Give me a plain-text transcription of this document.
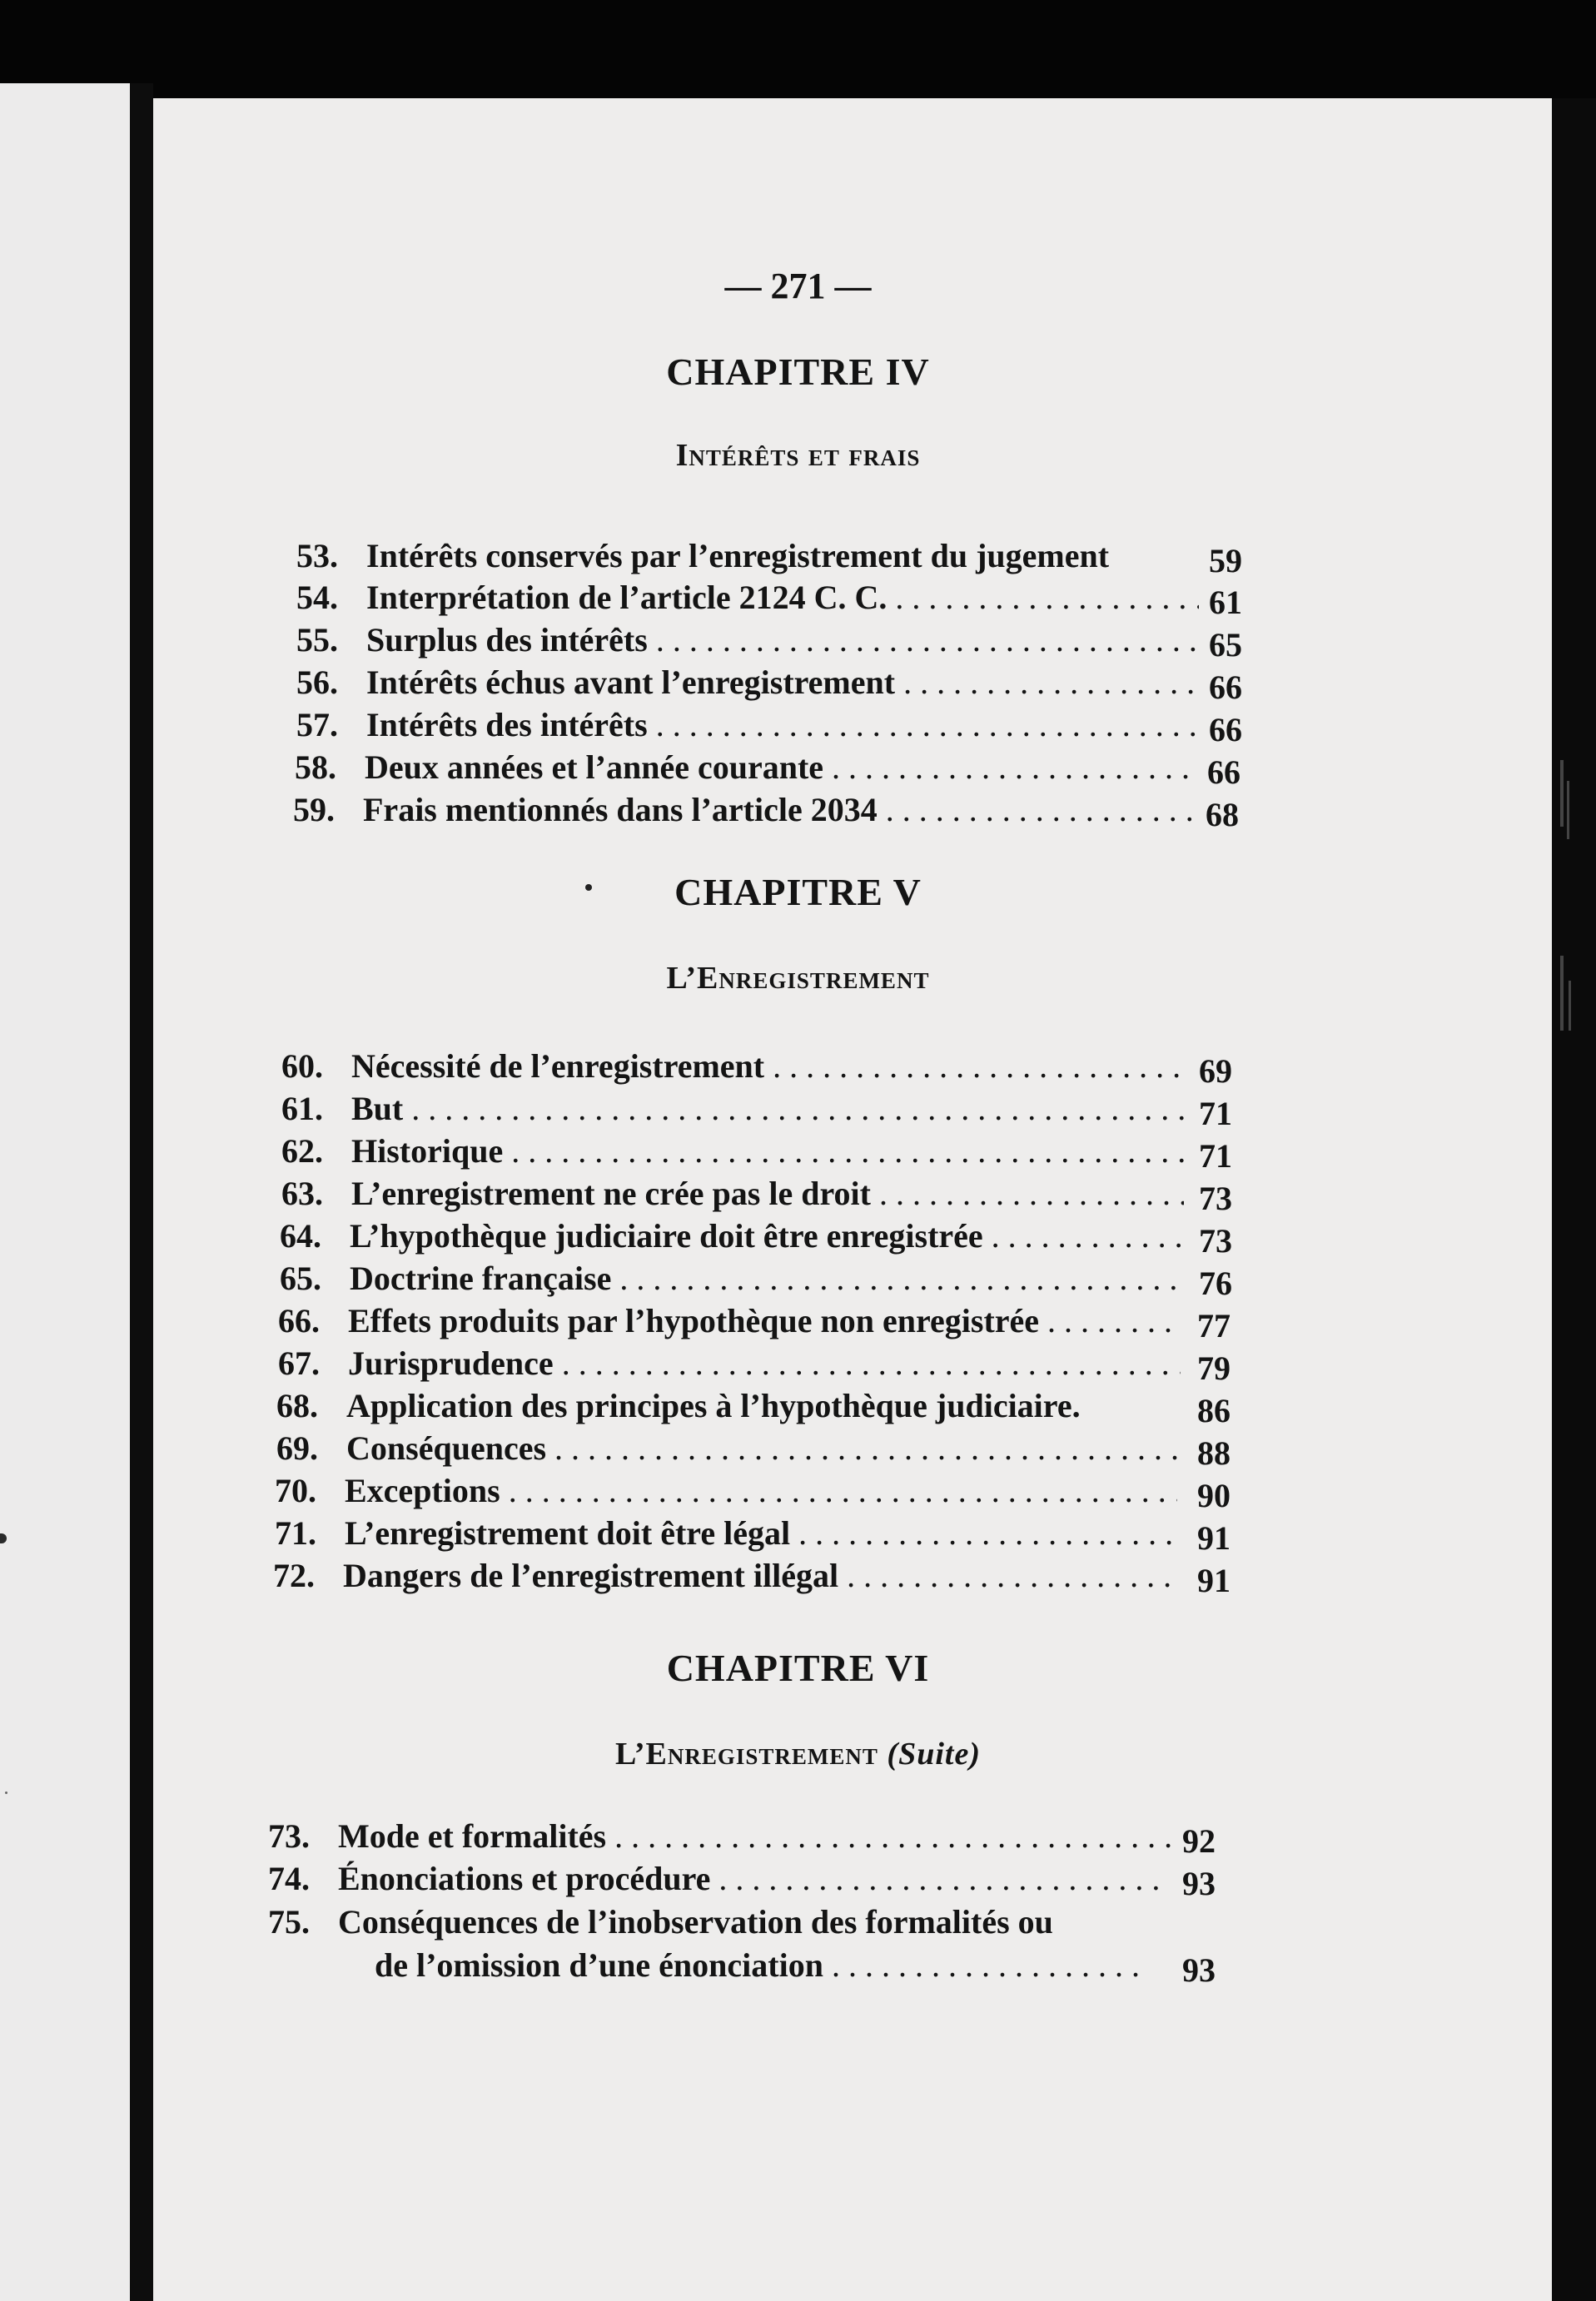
— 271 —
CHAPITRE IV
Intérêts et frais
53. Intérêts conservés par l’enregistrement du jugement	59
54. Interprétation de l’article 2124 C. C. . . .	61
55. Surplus des intérêts . . .	65
56. Intérêts échus avant l’enregistrement . . .	66
57. Intérêts des intérêts . . .	66
58. Deux années et l’année courante . . .	66
59. Frais mentionnés dans l’article 2034 . . .	68
CHAPITRE V
L’Enregistrement
60. Nécessité de l’enregistrement . . .	69
61. But . . .	71
62. Historique . . .	71
63. L’enregistrement ne crée pas le droit . . .	73
64. L’hypothèque judiciaire doit être enregistrée . . .	73
65. Doctrine française . . .	76
66. Effets produits par l’hypothèque non enregistrée . . .	77
67. Jurisprudence . . .	79
68. Application des principes à l’hypothèque judiciaire.	86
69. Conséquences . . .	88
70. Exceptions . . .	90
71. L’enregistrement doit être légal . . .	91
72. Dangers de l’enregistrement illégal . . .	91
CHAPITRE VI
L’Enregistrement (Suite)
73. Mode et formalités . . .	92
74. Énonciations et procédure . . .	93
75. Conséquences de l’inobservation des formalités ou
de l’omission d’une énonciation . . .	93
